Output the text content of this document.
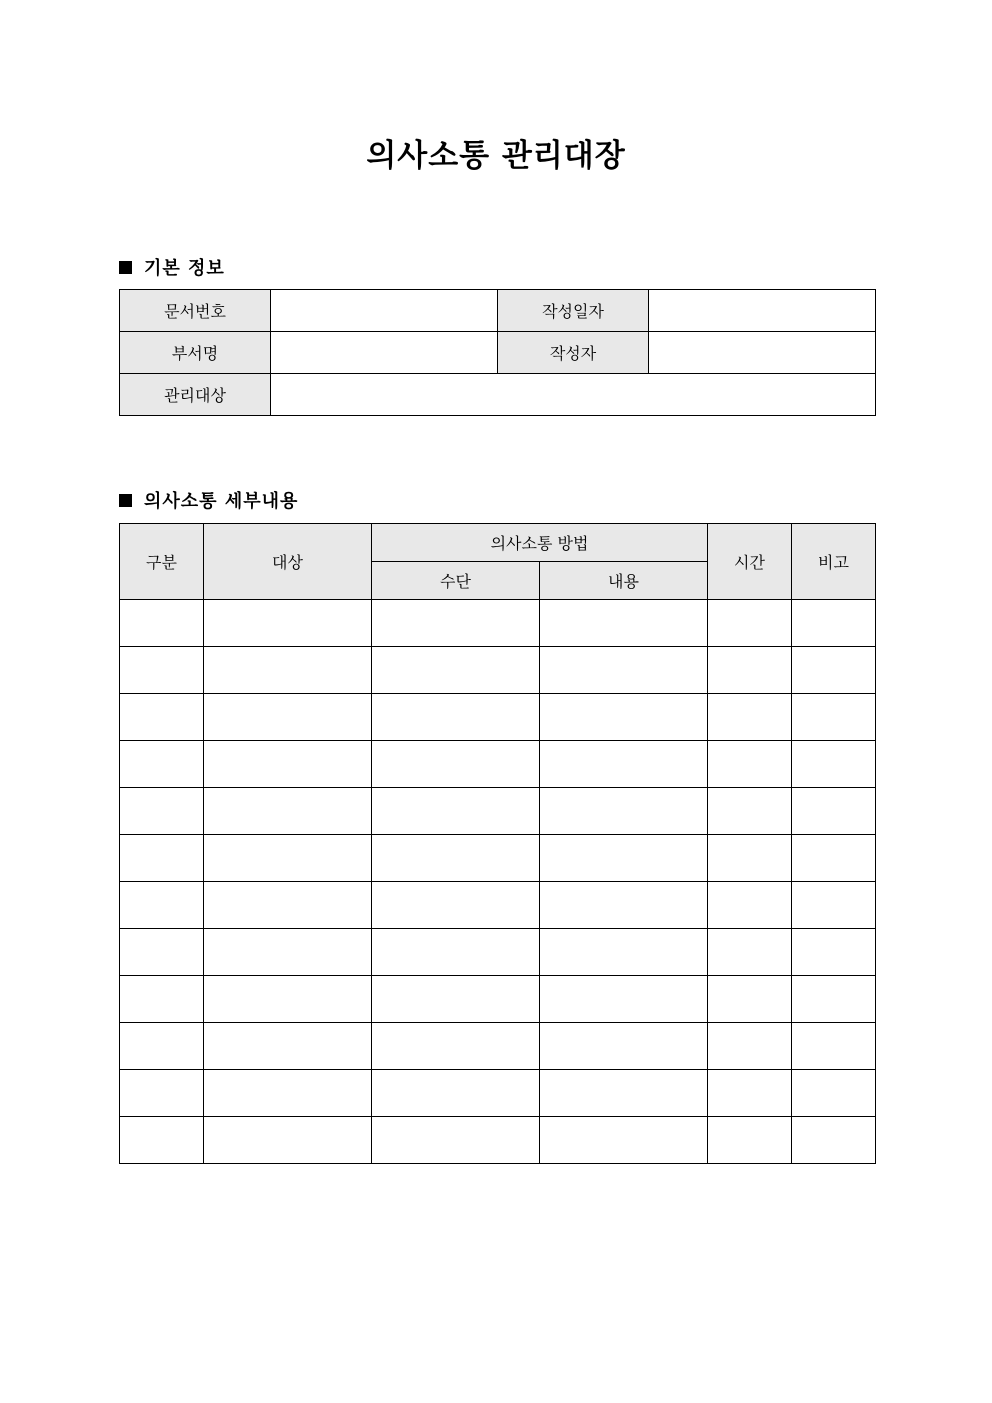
의사소통 관리대장
기본 정보
문서번호		작성일자	
부서명		작성자	
관리대상			
의사소통 세부내용
구분	대상	의사소통 방법		시간	비고
		수단	내용		
